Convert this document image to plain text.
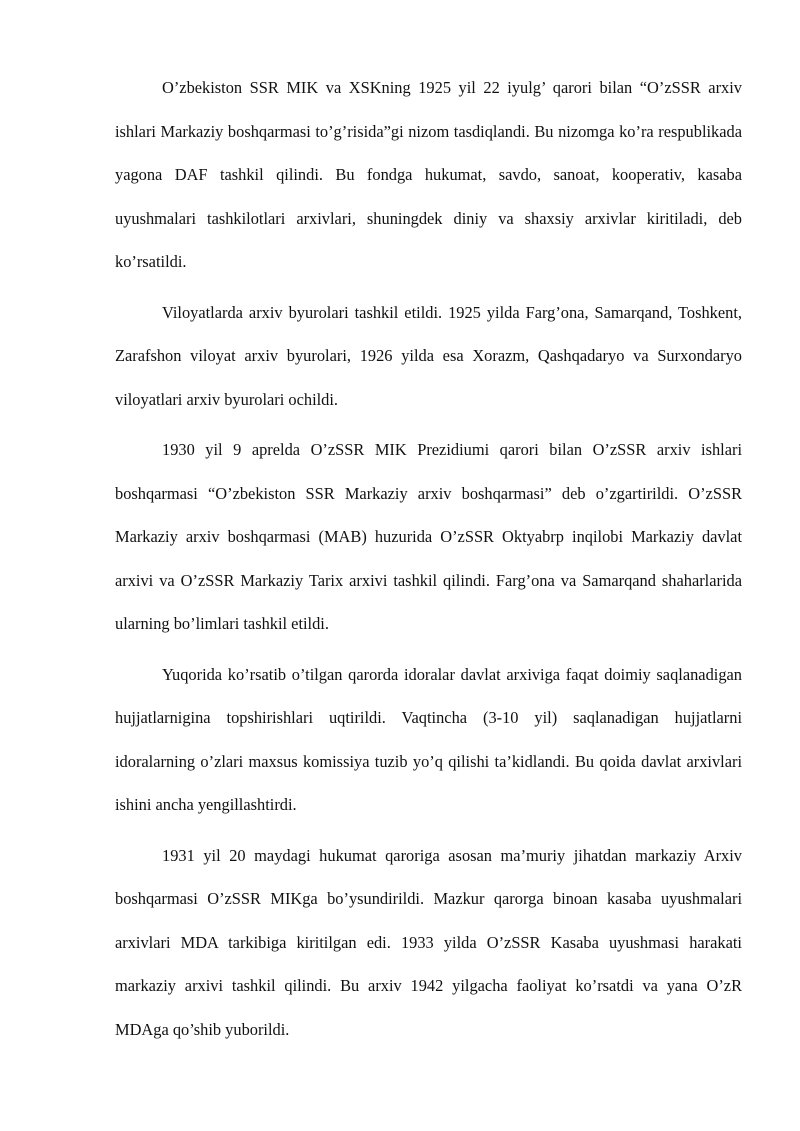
O’zbekiston SSR MIK va XSKning 1925 yil 22 iyulg’ qarori bilan “O’zSSR arxiv ishlari Markaziy boshqarmasi to’g’risida”gi nizom tasdiqlandi. Bu nizomga ko’ra respublikada yagona DAF tashkil qilindi. Bu fondga hukumat, savdo, sanoat, kooperativ, kasaba uyushmalari tashkilotlari arxivlari, shuningdek diniy va shaxsiy arxivlar kiritiladi, deb ko’rsatildi.

Viloyatlarda arxiv byurolari tashkil etildi. 1925 yilda Farg’ona, Samarqand, Toshkent, Zarafshon viloyat arxiv byurolari, 1926 yilda esa Xorazm, Qashqadaryo va Surxondaryo viloyatlari arxiv byurolari ochildi.

1930 yil 9 aprelda O’zSSR MIK Prezidiumi qarori bilan O’zSSR arxiv ishlari boshqarmasi “O’zbekiston SSR Markaziy arxiv boshqarmasi” deb o’zgartirildi. O’zSSR Markaziy arxiv boshqarmasi (MAB) huzurida O’zSSR Oktyabrp inqilobi Markaziy davlat arxivi va O’zSSR Markaziy Tarix arxivi tashkil qilindi. Farg’ona va Samarqand shaharlarida ularning bo’limlari tashkil etildi.

Yuqorida ko’rsatib o’tilgan qarorda idoralar davlat arxiviga faqat doimiy saqlanadigan hujjatlarnigina topshirishlari uqtirildi. Vaqtincha (3-10 yil) saqlanadigan hujjatlarni idoralarning o’zlari maxsus komissiya tuzib yo’q qilishi ta’kidlandi. Bu qoida davlat arxivlari ishini ancha yengillashtirdi.

1931 yil 20 maydagi hukumat qaroriga asosan ma’muriy jihatdan markaziy Arxiv boshqarmasi O’zSSR MIKga bo’ysundirildi. Mazkur qarorga binoan kasaba uyushmalari arxivlari MDA tarkibiga kiritilgan edi. 1933 yilda O’zSSR Kasaba uyushmasi harakati markaziy arxivi tashkil qilindi. Bu arxiv 1942 yilgacha faoliyat ko’rsatdi va yana O’zR MDAga qo’shib yuborildi.
